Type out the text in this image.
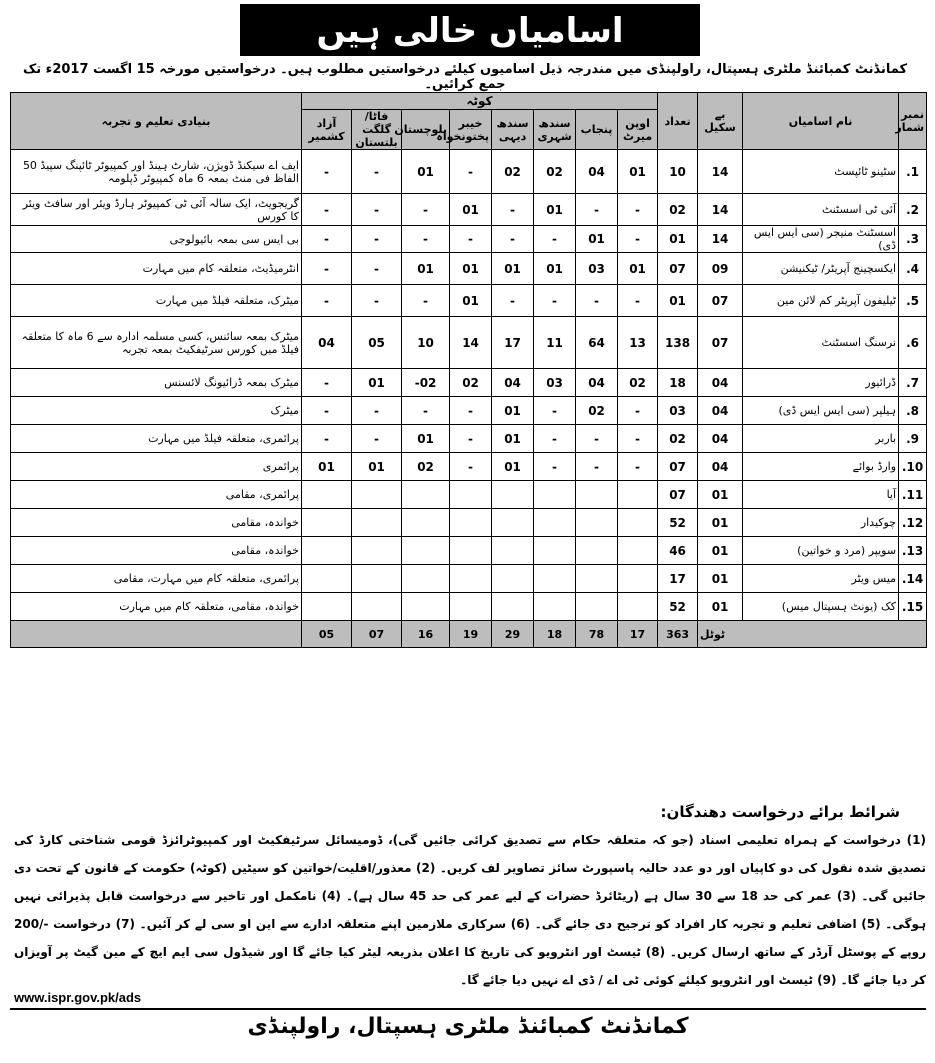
اسامیاں خالی ہیں
کمانڈنٹ کمبائنڈ ملٹری ہسپتال، راولپنڈی میں مندرجہ ذیل اسامیوں کیلئے درخواستیں مطلوب ہیں۔ درخواستیں مورخہ 15 اگست 2017ء تک جمع کرائیں۔
نمبر شمار	نام اسامیاں	بے سکیل	تعداد	کوٹہ								بنیادی تعلیم و تجربہ
				اوپن میرٹ	پنجاب	سندھ شہری	سندھ دیہی	خیبر پختونخواہ	بلوچستان	فاٹا/گلگت بلتستان	آزاد کشمیر	
1.	سٹینو ٹائپسٹ	14	10	01	04	02	02	-	01	-	-	ایف اے سیکنڈ ڈویژن، شارٹ ہینڈ اور کمپیوٹر ٹائپنگ سپیڈ 50 الفاظ فی منٹ بمعہ 6 ماہ کمپیوٹر ڈپلومہ
2.	آئی ٹی اسسٹنٹ	14	02	-	-	01	-	01	-	-	-	گریجویٹ، ایک سالہ آئی ٹی کمپیوٹر ہارڈ ویئر اور سافٹ ویئر کا کورس
3.	اسسٹنٹ منیجر (سی ایس ایس ڈی)	14	01	-	01	-	-	-	-	-	-	بی ایس سی بمعہ بائیولوجی
4.	ایکسچینج آپریٹر/ ٹیکنیشن	09	07	01	03	01	01	01	01	-	-	انٹرمیڈیٹ، متعلقہ کام میں مہارت
5.	ٹیلیفون آپریٹر کم لائن مین	07	01	-	-	-	-	01	-	-	-	میٹرک، متعلقہ فیلڈ میں مہارت
6.	نرسنگ اسسٹنٹ	07	138	13	64	11	17	14	10	05	04	میٹرک بمعہ سائنس، کسی مسلمہ ادارہ سے 6 ماہ کا متعلقہ فیلڈ میں کورس سرٹیفکیٹ بمعہ تجربہ
7.	ڈرائیور	04	18	02	04	03	04	02	02-	01	-	میٹرک بمعہ ڈرائیونگ لائسنس
8.	ہیلپر (سی ایس ایس ڈی)	04	03	-	02	-	01	-	-	-	-	میٹرک
9.	باربر	04	02	-	-	-	01	-	01	-	-	پرائمری، متعلقہ فیلڈ میں مہارت
10.	وارڈ بوائے	04	07	-	-	-	01	-	02	01	01	پرائمری
11.	آیا	01	07									پرائمری، مقامی
12.	چوکیدار	01	52									خواندہ، مقامی
13.	سویپر (مرد و خواتین)	01	46									خواندہ، مقامی
14.	میس ویٹر	01	17									پرائمری، متعلقہ کام میں مہارت، مقامی
15.	کک (یونٹ ہسپتال میس)	01	52									خواندہ، مقامی، متعلقہ کام میں مہارت
ٹوٹل			363	17	78	18	29	19	16	07	05	
شرائط برائے درخواست دھندگان:
(1) درخواست کے ہمراہ تعلیمی اسناد (جو کہ متعلقہ حکام سے تصدیق کرائی جائیں گی)، ڈومیسائل سرٹیفکیٹ اور کمپیوٹرائزڈ قومی شناختی کارڈ کی تصدیق شدہ نقول کی دو کاپیاں اور دو عدد حالیہ پاسپورٹ سائز تصاویر لف کریں۔ (2) معذور/اقلیت/خواتین کو سیٹیں (کوٹہ) حکومت کے قانون کے تحت دی جائیں گی۔ (3) عمر کی حد 18 سے 30 سال ہے (ریٹائرڈ حضرات کے لیے عمر کی حد 45 سال ہے)۔ (4) نامکمل اور تاخیر سے درخواست قابل پذیرائی نہیں ہوگی۔ (5) اضافی تعلیم و تجربہ کار افراد کو ترجیح دی جائے گی۔ (6) سرکاری ملازمین اپنے متعلقہ ادارے سے این او سی لے کر آئیں۔ (7) درخواست -/200 روپے کے پوسٹل آرڈر کے ساتھ ارسال کریں۔ (8) ٹیسٹ اور انٹرویو کی تاریخ کا اعلان بذریعہ لیٹر کیا جائے گا اور شیڈول سی ایم ایچ کے مین گیٹ پر آویزاں کر دیا جائے گا۔ (9) ٹیسٹ اور انٹرویو کیلئے کوئی ٹی اے / ڈی اے نہیں دیا جائے گا۔
www.ispr.gov.pk/ads
کمانڈنٹ کمبائنڈ ملٹری ہسپتال، راولپنڈی
